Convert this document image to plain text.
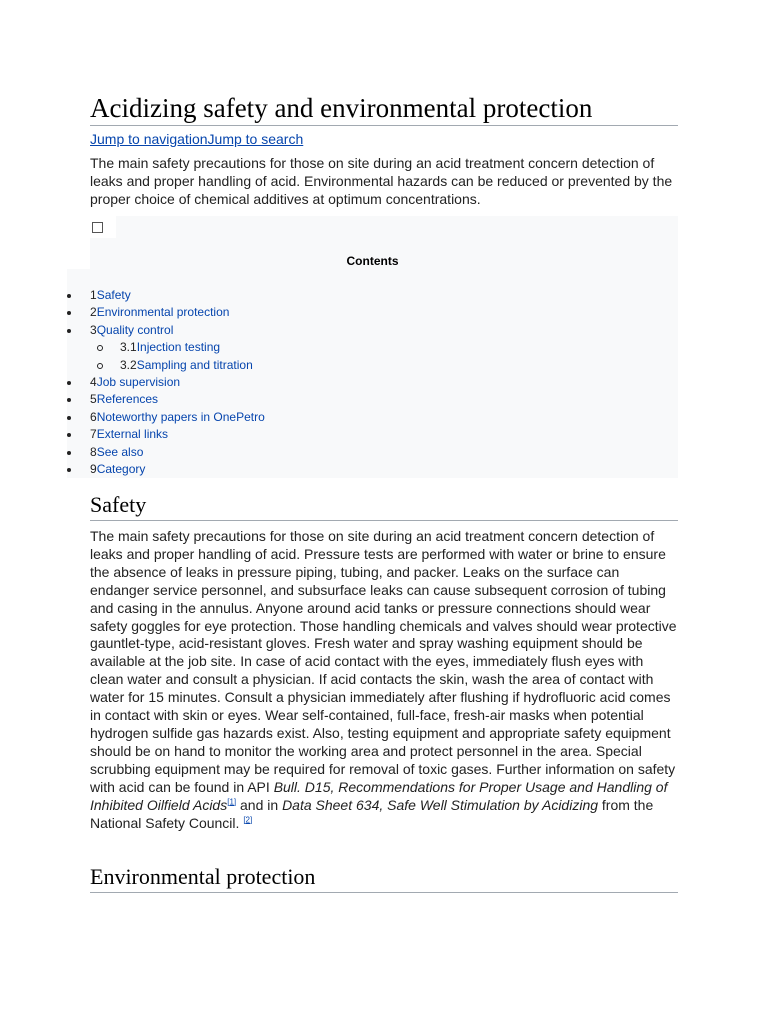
Acidizing safety and environmental protection
Jump to navigationJump to search

The main safety precautions for those on site during an acid treatment concern detection of leaks and proper handling of acid. Environmental hazards can be reduced or prevented by the proper choice of chemical additives at optimum concentrations.

Contents
1Safety
2Environmental protection
3Quality control
3.1Injection testing
3.2Sampling and titration
4Job supervision
5References
6Noteworthy papers in OnePetro
7External links
8See also
9Category
Safety

The main safety precautions for those on site during an acid treatment concern detection of leaks and proper handling of acid. Pressure tests are performed with water or brine to ensure the absence of leaks in pressure piping, tubing, and packer. Leaks on the surface can endanger service personnel, and subsurface leaks can cause subsequent corrosion of tubing and casing in the annulus. Anyone around acid tanks or pressure connections should wear safety goggles for eye protection. Those handling chemicals and valves should wear protective gauntlet-type, acid-resistant gloves. Fresh water and spray washing equipment should be available at the job site. In case of acid contact with the eyes, immediately flush eyes with clean water and consult a physician. If acid contacts the skin, wash the area of contact with water for 15 minutes. Consult a physician immediately after flushing if hydrofluoric acid comes in contact with skin or eyes. Wear self-contained, full-face, fresh-air masks when potential hydrogen sulfide gas hazards exist. Also, testing equipment and appropriate safety equipment should be on hand to monitor the working area and protect personnel in the area. Special scrubbing equipment may be required for removal of toxic gases. Further information on safety with acid can be found in API Bull. D15, Recommendations for Proper Usage and Handling of Inhibited Oilfield Acids[1] and in Data Sheet 634, Safe Well Stimulation by Acidizing from the National Safety Council. [2]

Environmental protection
